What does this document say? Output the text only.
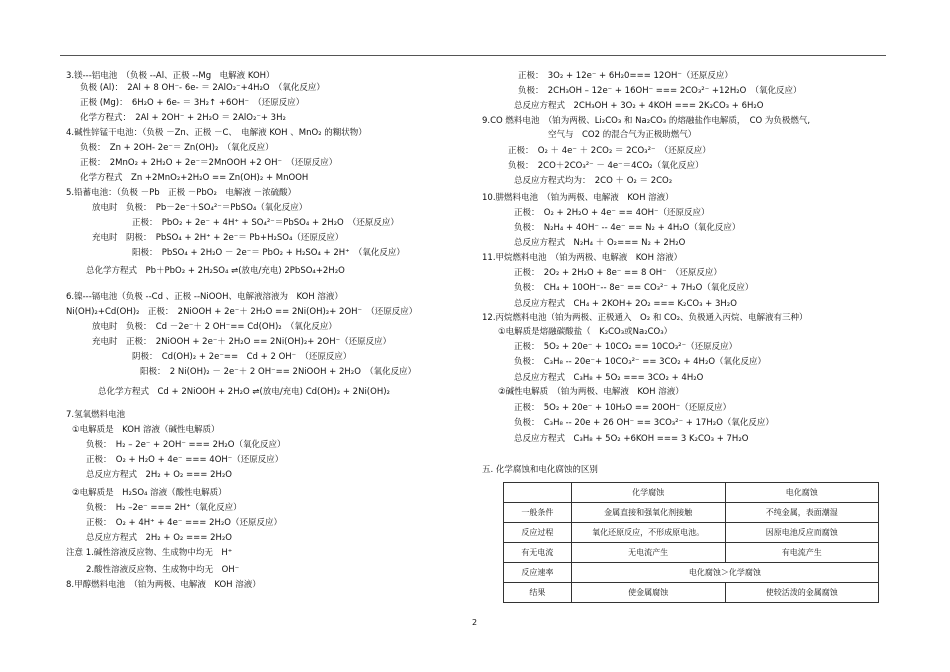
3.镁---铝电池　（负极 --Al、正极 --Mg　电解液 KOH）
负极 (Al)：　2Al + 8 OH⁻- 6e- ＝ 2AlO₂⁻+4H₂O　（氧化反应）
正极 (Mg)：　6H₂O + 6e- ＝ 3H₂↑ +6OH⁻　（还原反应）
化学方程式：　2Al + 2OH⁻ + 2H₂O ＝ 2AlO₂⁻+ 3H₂
4.碱性锌锰干电池：（负极 －Zn、正极 －C、　电解液 KOH 、MnO₂ 的糊状物）
负极：　Zn + 2OH- 2e⁻＝ Zn(OH)₂　（氧化反应）
正极：　2MnO₂ + 2H₂O + 2e⁻＝2MnOOH +2 OH⁻　（还原反应）
化学方程式　Zn +2MnO₂+2H₂O == Zn(OH)₂ + MnOOH
5.铅蓄电池：（负极 －Pb　正极 －PbO₂　电解液 －浓硫酸）
放电时　负极：　Pb－2e⁻＋SO₄²⁻＝PbSO₄（氧化反应）
正极：　PbO₂ + 2e⁻ + 4H⁺ + SO₄²⁻＝PbSO₄ + 2H₂O　（还原反应）
充电时　阴极：　PbSO₄ + 2H⁺ + 2e⁻＝ Pb+H₂SO₄（还原反应）
阳极：　PbSO₄ + 2H₂O － 2e⁻＝ PbO₂ + H₂SO₄ + 2H⁺　（氧化反应）
总化学方程式　Pb＋PbO₂ + 2H₂SO₄ ⇌(放电/充电) 2PbSO₄+2H₂O
6.镍---镉电池（负极 --Cd 、正极 --NiOOH、电解液溶液为　KOH 溶液）
Ni(OH)₂+Cd(OH)₂　正极：　2NiOOH + 2e⁻＋ 2H₂O == 2Ni(OH)₂+ 2OH⁻　（还原反应）
放电时　负极：　Cd －2e⁻＋ 2 OH⁻== Cd(OH)₂　（氧化反应）
充电时　正极：　2NiOOH + 2e⁻＋ 2H₂O == 2Ni(OH)₂+ 2OH⁻（还原反应）
阴极：　Cd(OH)₂ + 2e⁻==　Cd + 2 OH⁻　（还原反应）
阳极：　2 Ni(OH)₂ － 2e⁻＋ 2 OH⁻== 2NiOOH + 2H₂O　（氧化反应）
总化学方程式　Cd + 2NiOOH + 2H₂O ⇌(放电/充电) Cd(OH)₂ + 2Ni(OH)₂
7.氢氧燃料电池
①电解质是　KOH 溶液（碱性电解质）
负极：　H₂ – 2e⁻ + 2OH⁻ === 2H₂O（氧化反应）
正极：　O₂ + H₂O + 4e⁻ === 4OH⁻（还原反应）
总反应方程式　2H₂ + O₂ === 2H₂O
②电解质是　H₂SO₄ 溶液（酸性电解质）
负极：　H₂ –2e⁻ === 2H⁺（氧化反应）
正极：　O₂ + 4H⁺ + 4e⁻ === 2H₂O（还原反应）
总反应方程式　2H₂ + O₂ === 2H₂O
注意 1.碱性溶液反应物、生成物中均无　H⁺
2.酸性溶液反应物、生成物中均无　OH⁻
8.甲醇燃料电池　（铂为两极、电解液　KOH 溶液）
正极：　3O₂ + 12e⁻ + 6H₂0=== 12OH⁻（还原反应）
负极：　2CH₃OH – 12e⁻ + 16OH⁻ === 2CO₃²⁻ +12H₂O　（氧化反应）
总反应方程式　2CH₃OH + 3O₂ + 4KOH === 2K₂CO₃ + 6H₂O
9.CO 燃料电池　（铂为两极、Li₂CO₃ 和 Na₂CO₃ 的熔融盐作电解质，　CO 为负极燃气,
空气与　CO2 的混合气为正极助燃气）
正极：　O₂ ＋ 4e⁻ ＋ 2CO₂ ＝ 2CO₃²⁻　（还原反应）
负极：　2CO＋2CO₃²⁻ － 4e⁻＝4CO₂（氧化反应）
总反应方程式均为：　2CO ＋ O₂ ＝ 2CO₂
10.肼燃料电池　（铂为两极、电解液　KOH 溶液）
正极：　O₂ + 2H₂O + 4e⁻ == 4OH⁻（还原反应）
负极：　N₂H₄ + 4OH⁻ -- 4e⁻ == N₂ + 4H₂O（氧化反应）
总反应方程式　N₂H₄ ＋ O₂=== N₂ + 2H₂O
11.甲烷燃料电池　（铂为两极、电解液　KOH 溶液）
正极：　2O₂ + 2H₂O + 8e⁻ == 8 OH⁻　（还原反应）
负极：　CH₄ + 10OH⁻-- 8e⁻ == CO₃²⁻ + 7H₂O（氧化反应）
总反应方程式　CH₄ + 2KOH+ 2O₂ === K₂CO₃ + 3H₂O
12.丙烷燃料电池（铂为两极、正极通入　O₂ 和 CO₂、负极通入丙烷、电解液有三种）
①电解质是熔融碳酸盐（　K₂CO₃或Na₂CO₃）
正极：　5O₂ + 20e⁻ + 10CO₂ == 10CO₃²⁻（还原反应）
负极：　C₃H₈ -- 20e⁻+ 10CO₃²⁻ == 3CO₂ + 4H₂O（氧化反应）
总反应方程式　C₃H₈ + 5O₂ === 3CO₂ + 4H₂O
②碱性电解质　（铂为两极、电解液　KOH 溶液）
正极：　5O₂ + 20e⁻ + 10H₂O == 20OH⁻（还原反应）
负极：　C₃H₈ -- 20e + 26 OH⁻ == 3CO₃²⁻ + 17H₂O（氧化反应）
总反应方程式　C₃H₈ + 5O₂ +6KOH === 3 K₂CO₃ + 7H₂O
五. 化学腐蚀和电化腐蚀的区别
	化学腐蚀	电化腐蚀
一般条件	金属直接和强氧化剂接触	不纯金属，表面潮湿
反应过程	氧化还原反应，不形成原电池。	因原电池反应而腐蚀
有无电流	无电流产生	有电流产生
反应速率	电化腐蚀＞化学腐蚀	
结果	使金属腐蚀	使较活泼的金属腐蚀
2
